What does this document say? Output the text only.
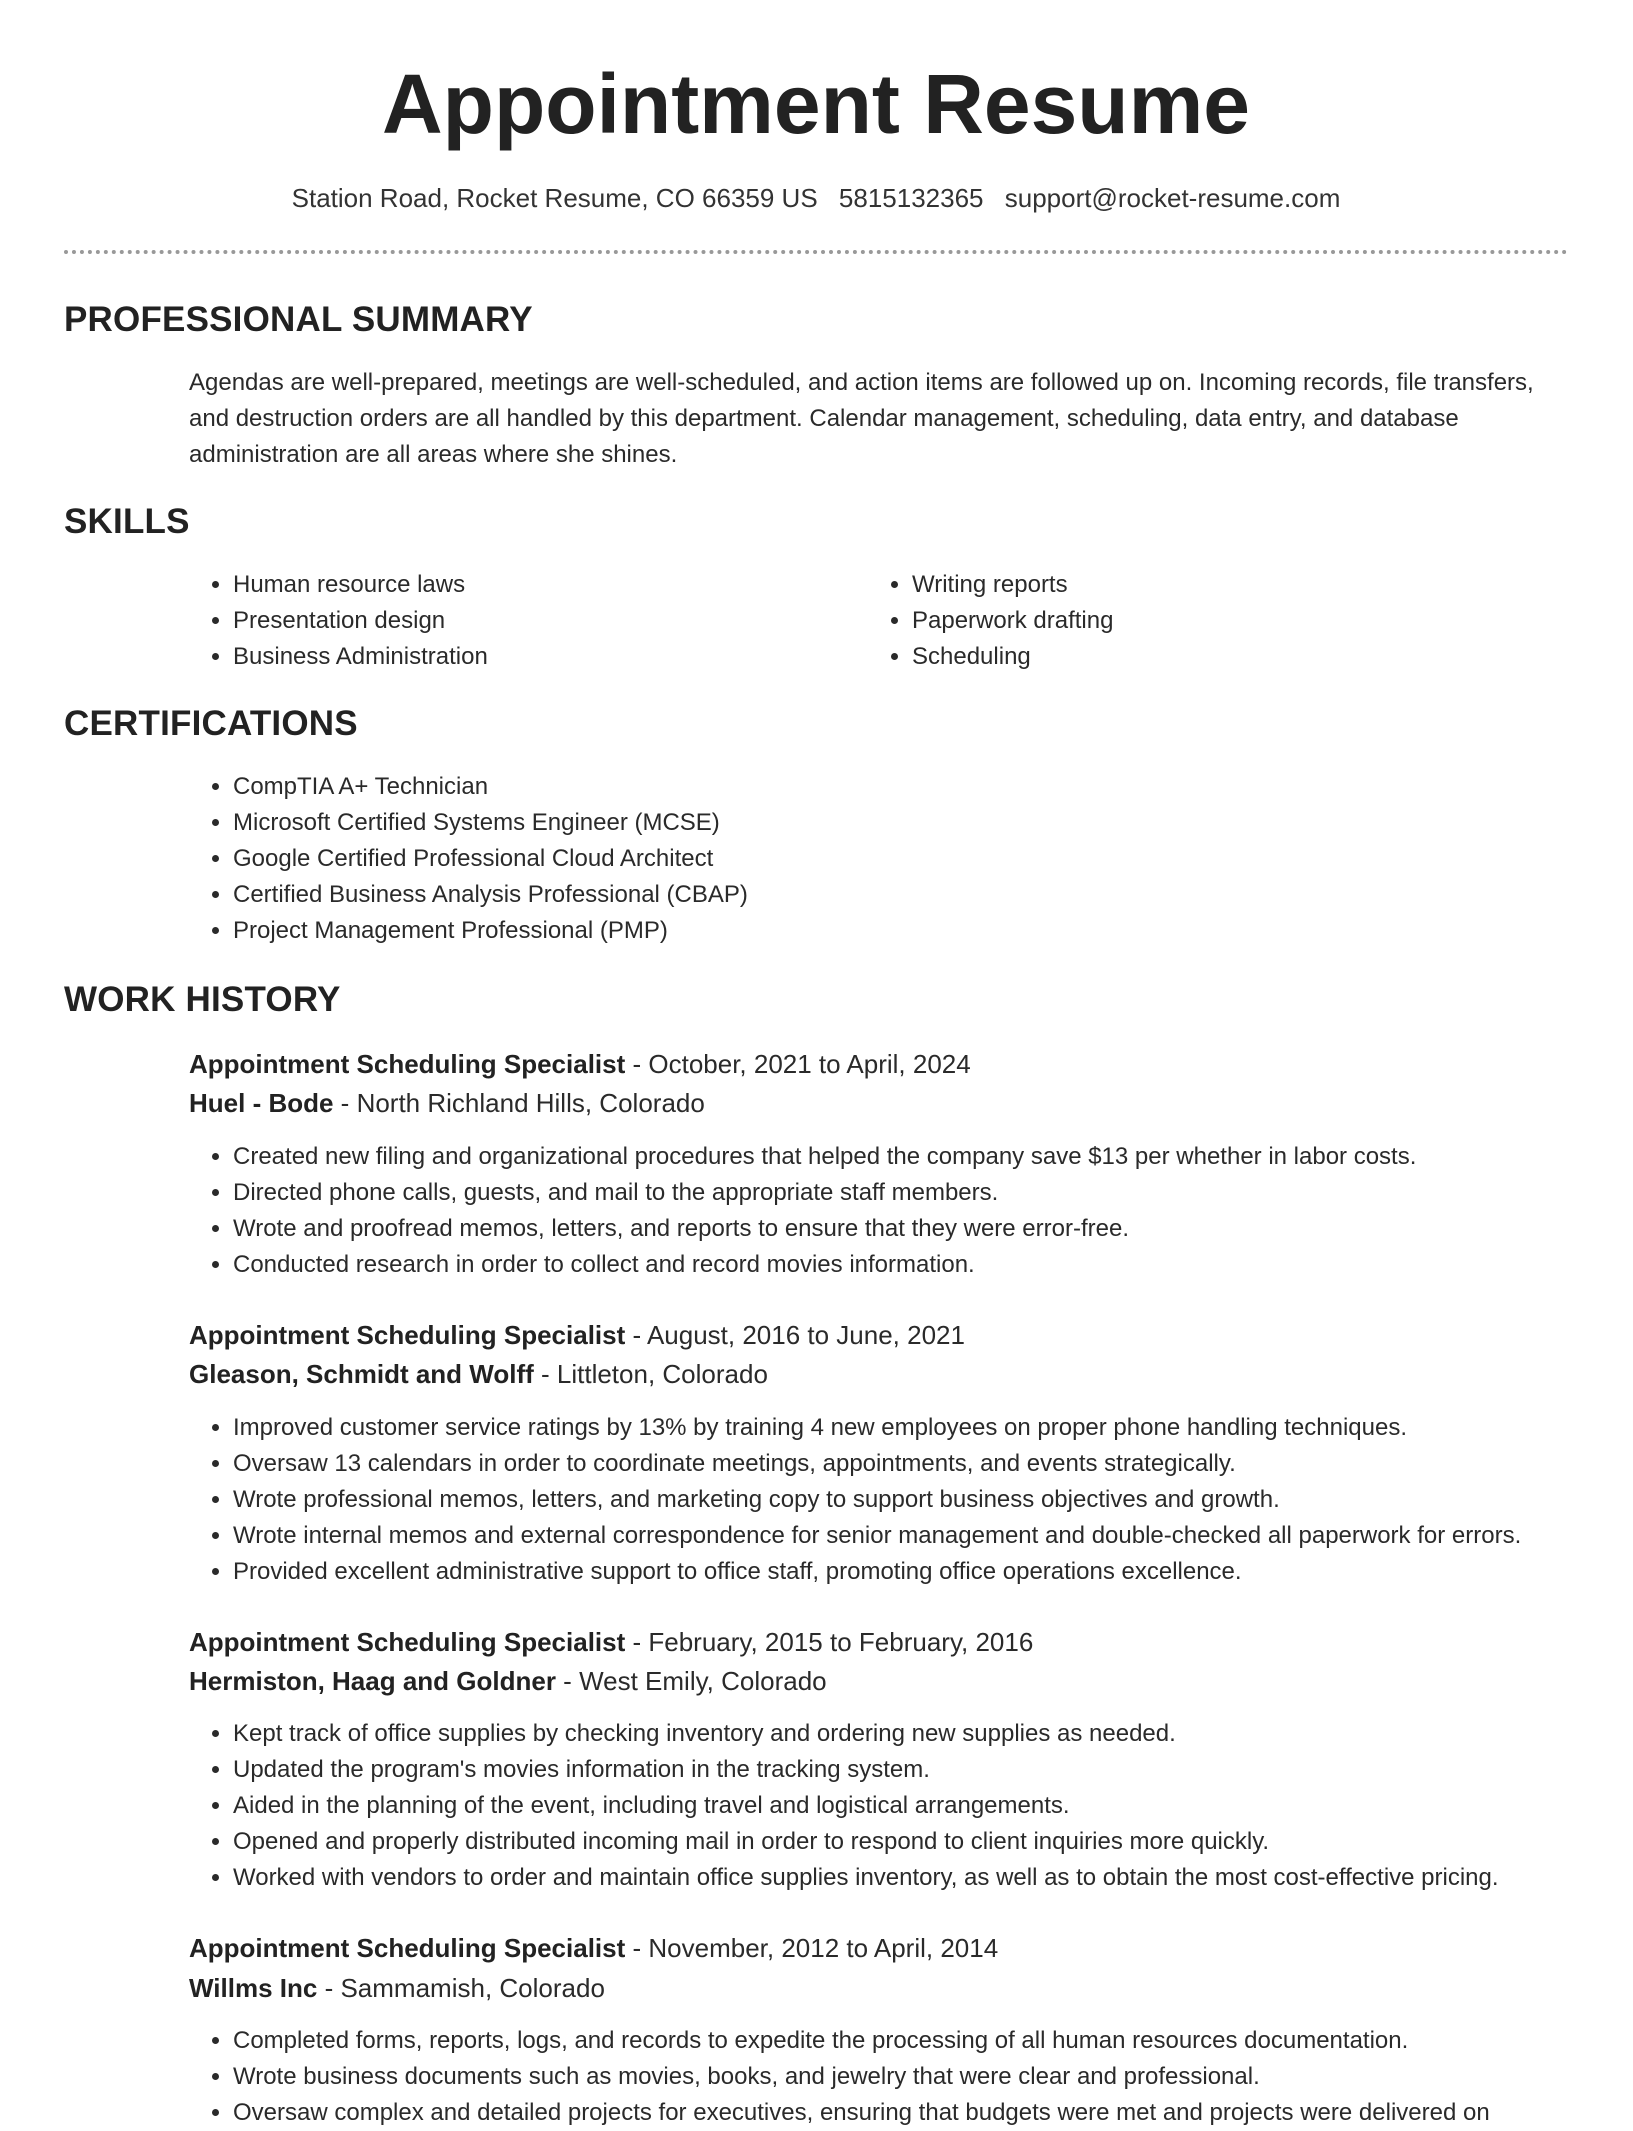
Appointment Resume
Station Road, Rocket Resume, CO 66359 US 5815132365 support@rocket-resume.com
PROFESSIONAL SUMMARY

Agendas are well-prepared, meetings are well-scheduled, and action items are followed up on. Incoming records, file transfers, and destruction orders are all handled by this department. Calendar management, scheduling, data entry, and database administration are all areas where she shines.

SKILLS
• Human resource laws
• Presentation design
• Business Administration
• Writing reports
• Paperwork drafting
• Scheduling
CERTIFICATIONS
• CompTIA A+ Technician
• Microsoft Certified Systems Engineer (MCSE)
• Google Certified Professional Cloud Architect
• Certified Business Analysis Professional (CBAP)
• Project Management Professional (PMP)
WORK HISTORY
Appointment Scheduling Specialist - October, 2021 to April, 2024
Huel - Bode - North Richland Hills, Colorado
• Created new filing and organizational procedures that helped the company save $13 per whether in labor costs.
• Directed phone calls, guests, and mail to the appropriate staff members.
• Wrote and proofread memos, letters, and reports to ensure that they were error-free.
• Conducted research in order to collect and record movies information.
Appointment Scheduling Specialist - August, 2016 to June, 2021
Gleason, Schmidt and Wolff - Littleton, Colorado
• Improved customer service ratings by 13% by training 4 new employees on proper phone handling techniques.
• Oversaw 13 calendars in order to coordinate meetings, appointments, and events strategically.
• Wrote professional memos, letters, and marketing copy to support business objectives and growth.
• Wrote internal memos and external correspondence for senior management and double-checked all paperwork for errors.
• Provided excellent administrative support to office staff, promoting office operations excellence.
Appointment Scheduling Specialist - February, 2015 to February, 2016
Hermiston, Haag and Goldner - West Emily, Colorado
• Kept track of office supplies by checking inventory and ordering new supplies as needed.
• Updated the program's movies information in the tracking system.
• Aided in the planning of the event, including travel and logistical arrangements.
• Opened and properly distributed incoming mail in order to respond to client inquiries more quickly.
• Worked with vendors to order and maintain office supplies inventory, as well as to obtain the most cost-effective pricing.
Appointment Scheduling Specialist - November, 2012 to April, 2014
Willms Inc - Sammamish, Colorado
• Completed forms, reports, logs, and records to expedite the processing of all human resources documentation.
• Wrote business documents such as movies, books, and jewelry that were clear and professional.
• Oversaw complex and detailed projects for executives, ensuring that budgets were met and projects were delivered on
